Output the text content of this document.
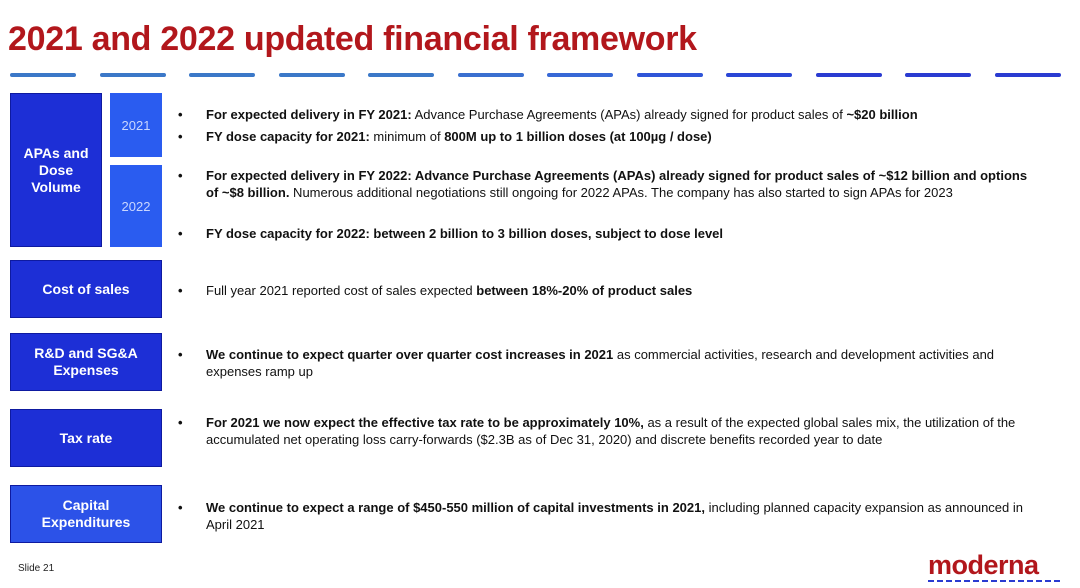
2021 and 2022 updated financial framework
APAs and Dose Volume
2021
2022
• For expected delivery in FY 2021: Advance Purchase Agreements (APAs) already signed for product sales of ~$20 billion
• FY dose capacity for 2021: minimum of 800M up to 1 billion doses (at 100µg / dose)
• For expected delivery in FY 2022: Advance Purchase Agreements (APAs) already signed for product sales of ~$12 billion and options of ~$8 billion. Numerous additional negotiations still ongoing for 2022 APAs. The company has also started to sign APAs for 2023
• FY dose capacity for 2022: between 2 billion to 3 billion doses, subject to dose level
Cost of sales	• Full year 2021 reported cost of sales expected between 18%-20% of product sales
R&D and SG&A Expenses
• We continue to expect quarter over quarter cost increases in 2021 as commercial activities, research and development activities and expenses ramp up
Tax rate
• For 2021 we now expect the effective tax rate to be approximately 10%, as a result of the expected global sales mix, the utilization of the accumulated net operating loss carry-forwards ($2.3B as of Dec 31, 2020) and discrete benefits recorded year to date
Capital Expenditures
• We continue to expect a range of $450-550 million of capital investments in 2021, including planned capacity expansion as announced in April 2021
Slide 21	moderna
